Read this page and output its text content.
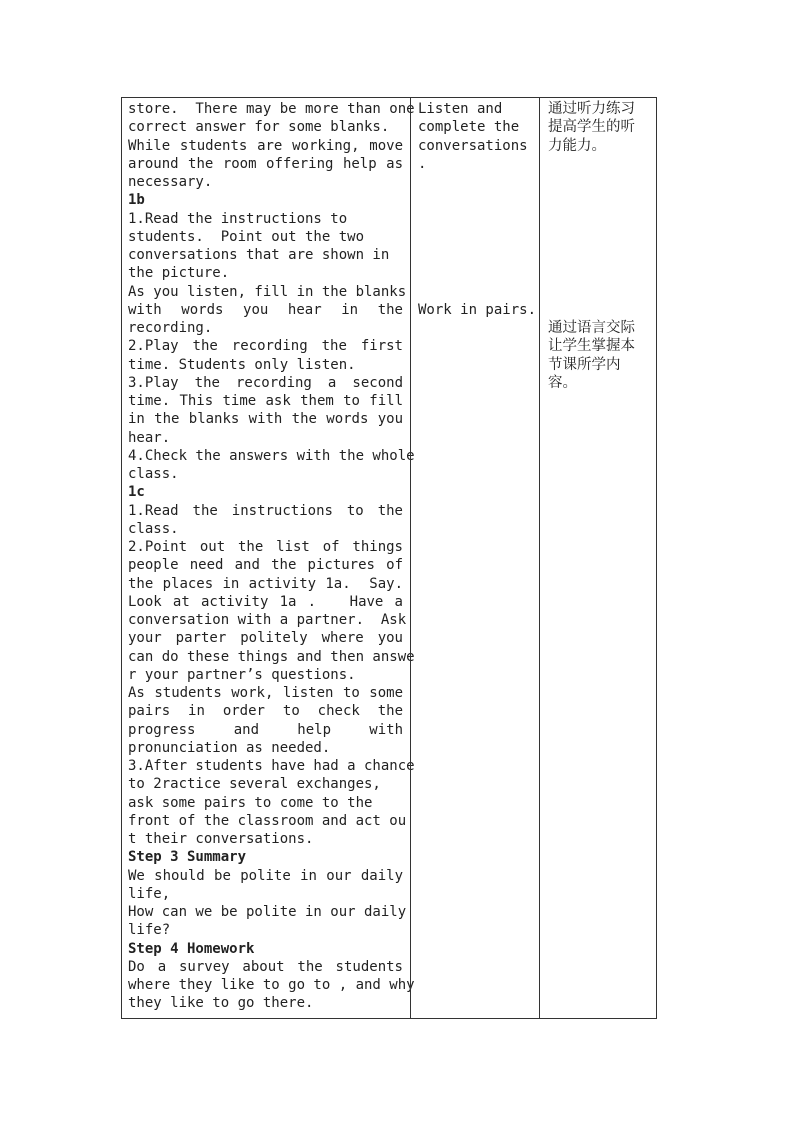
store.  There may be more than one
correct answer for some blanks.
While students are working, move
around the room offering help as
necessary.
1b
1.Read the instructions to
students.  Point out the two
conversations that are shown in
the picture.
As you listen, fill in the blanks
with words you hear in the
recording.
2.Play the recording the first
time. Students only listen.
3.Play the recording a second
time. This time ask them to fill
in the blanks with the words you
hear.
4.Check the answers with the whole
class.
1c
1.Read the instructions to the
class.
2.Point out the list of things
people need and the pictures of
the places in activity 1a.  Say.
Look at activity 1a .   Have a
conversation with a partner.  Ask
your parter politely where you
can do these things and then answe
r your partner’s questions.
As students work, listen to some
pairs in order to check the
progress and help with
pronunciation as needed.
3.After students have had a chance
to 2ractice several exchanges,
ask some pairs to come to the
front of the classroom and act ou
t their conversations.
Step 3 Summary
We should be polite in our daily
life,
How can we be polite in our daily
life?
Step 4 Homework
Do a survey about the students
where they like to go to , and why
they like to go there.
Listen and
complete the
conversations
.
Work in pairs.
通过听力练习
提高学生的听
力能力。
通过语言交际
让学生掌握本
节课所学内
容。
